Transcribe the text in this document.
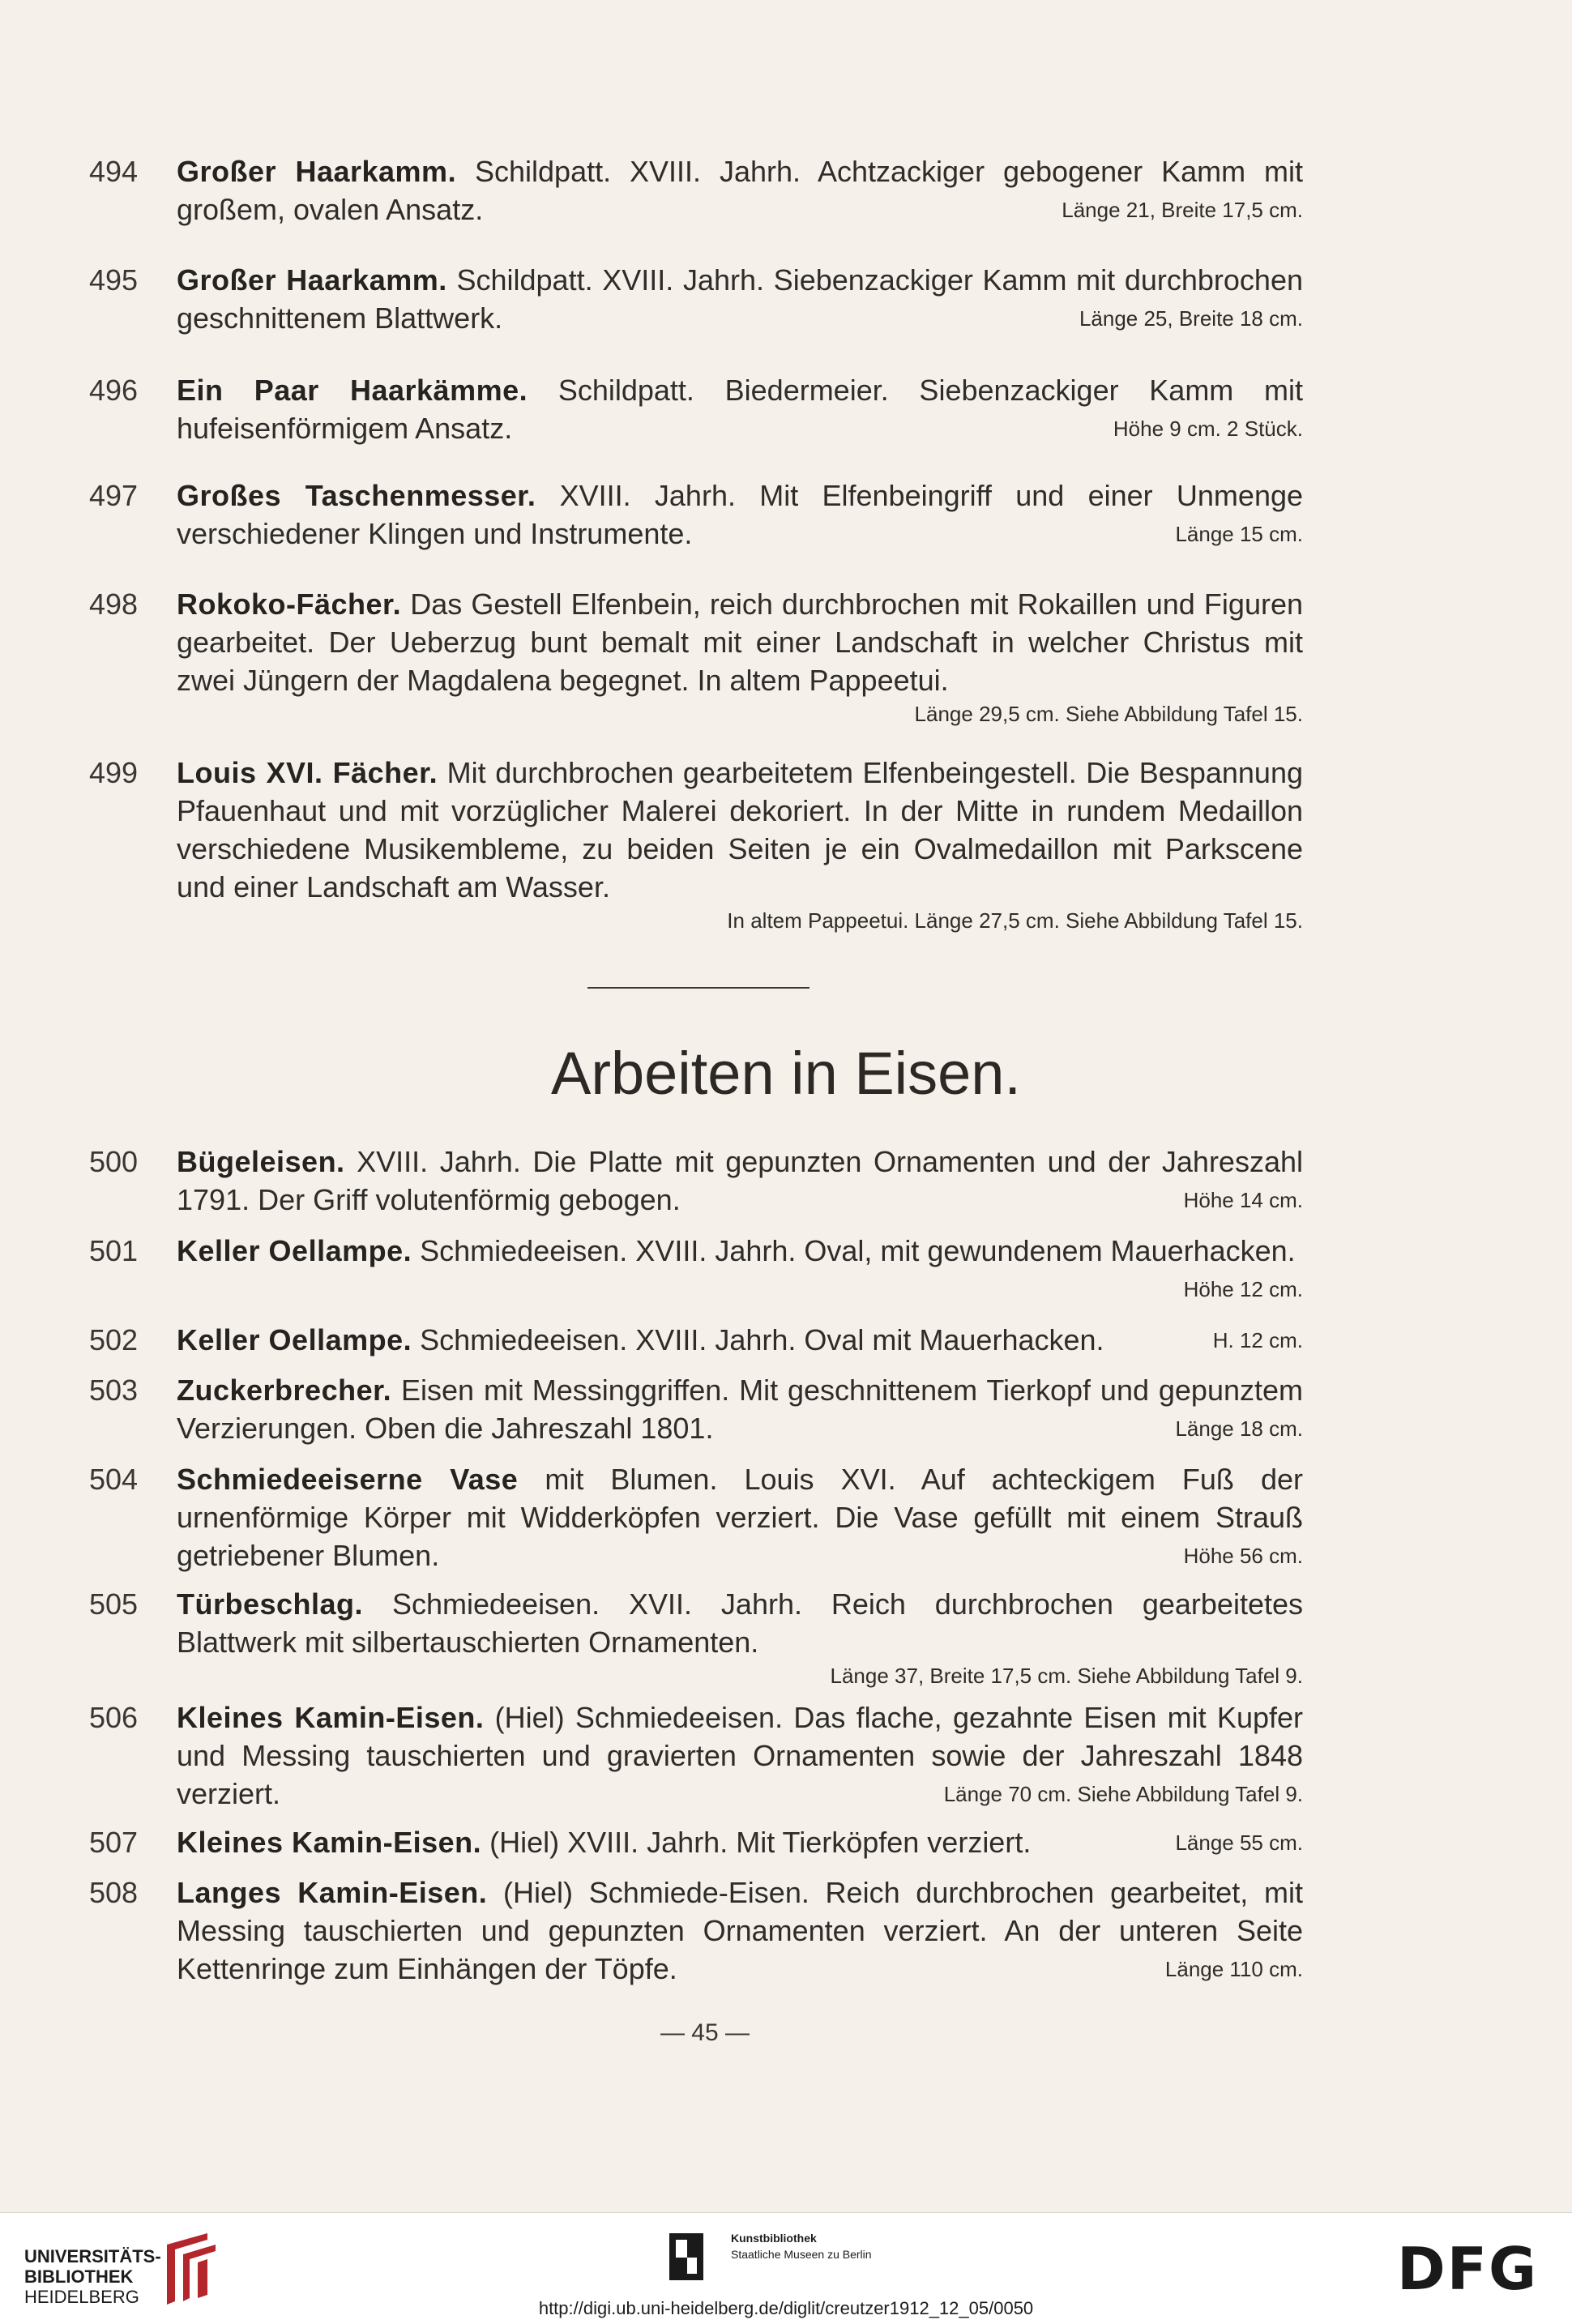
494	Großer Haarkamm. Schildpatt. XVIII. Jahrh. Achtzackiger gebogener Kamm mit großem, ovalen Ansatz.	Länge 21, Breite 17,5 cm.
495	Großer Haarkamm. Schildpatt. XVIII. Jahrh. Siebenzackiger Kamm mit durchbrochen geschnittenem Blattwerk.	Länge 25, Breite 18 cm.
496	Ein Paar Haarkämme. Schildpatt. Biedermeier. Siebenzackiger Kamm mit hufeisenförmigem Ansatz.	Höhe 9 cm. 2 Stück.
497	Großes Taschenmesser. XVIII. Jahrh. Mit Elfenbeingriff und einer Unmenge verschiedener Klingen und Instrumente.	Länge 15 cm.
498	Rokoko-Fächer. Das Gestell Elfenbein, reich durchbrochen mit Rokaillen und Figuren gearbeitet. Der Ueberzug bunt bemalt mit einer Landschaft in welcher Christus mit zwei Jüngern der Magdalena begegnet. In altem Pappeetui.
Länge 29,5 cm. Siehe Abbildung Tafel 15.
499	Louis XVI. Fächer. Mit durchbrochen gearbeitetem Elfenbeingestell. Die Bespannung Pfauenhaut und mit vorzüglicher Malerei dekoriert. In der Mitte in rundem Medaillon verschiedene Musikembleme, zu beiden Seiten je ein Ovalmedaillon mit Parkscene und einer Landschaft am Wasser.
In altem Pappeetui. Länge 27,5 cm. Siehe Abbildung Tafel 15.
Arbeiten in Eisen.
500	Bügeleisen. XVIII. Jahrh. Die Platte mit gepunzten Ornamenten und der Jahreszahl 1791. Der Griff volutenförmig gebogen.	Höhe 14 cm.
501	Keller Oellampe. Schmiedeeisen. XVIII. Jahrh. Oval, mit gewundenem Mauerhacken.
Höhe 12 cm.
502	Keller Oellampe. Schmiedeeisen. XVIII. Jahrh. Oval mit Mauerhacken.	H. 12 cm.
503	Zuckerbrecher. Eisen mit Messinggriffen. Mit geschnittenem Tierkopf und gepunztem Verzierungen. Oben die Jahreszahl 1801.	Länge 18 cm.
504	Schmiedeeiserne Vase mit Blumen. Louis XVI. Auf achteckigem Fuß der urnenförmige Körper mit Widderköpfen verziert. Die Vase gefüllt mit einem Strauß getriebener Blumen.	Höhe 56 cm.
505	Türbeschlag. Schmiedeeisen. XVII. Jahrh. Reich durchbrochen gearbeitetes Blattwerk mit silbertauschierten Ornamenten.
Länge 37, Breite 17,5 cm. Siehe Abbildung Tafel 9.
506	Kleines Kamin-Eisen. (Hiel) Schmiedeeisen. Das flache, gezahnte Eisen mit Kupfer und Messing tauschierten und gravierten Ornamenten sowie der Jahreszahl 1848 verziert.	Länge 70 cm. Siehe Abbildung Tafel 9.
507	Kleines Kamin-Eisen. (Hiel) XVIII. Jahrh. Mit Tierköpfen verziert.	Länge 55 cm.
508	Langes Kamin-Eisen. (Hiel) Schmiede-Eisen. Reich durchbrochen gearbeitet, mit Messing tauschierten und gepunzten Ornamenten verziert. An der unteren Seite Kettenringe zum Einhängen der Töpfe.	Länge 110 cm.
— 45 —
UNIVERSITÄTS-
BIBLIOTHEK
HEIDELBERG
Kunstbibliothek
Staatliche Museen zu Berlin	DFG
http://digi.ub.uni-heidelberg.de/diglit/creutzer1912_12_05/0050
